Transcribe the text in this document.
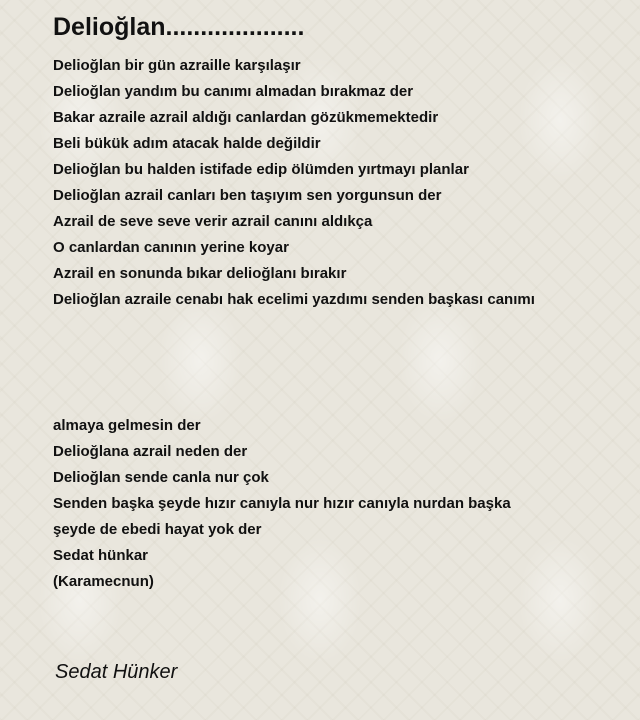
Delioğlan....................
Delioğlan bir gün azraille karşılaşır
Delioğlan yandım bu canımı almadan bırakmaz der
Bakar azraile azrail aldığı canlardan gözükmemektedir
Beli bükük adım atacak halde değildir
Delioğlan bu halden istifade edip ölümden yırtmayı planlar
Delioğlan azrail canları ben taşıyım sen yorgunsun der
Azrail de seve seve verir azrail canını aldıkça
O canlardan canının yerine koyar
Azrail en sonunda bıkar delioğlanı bırakır
Delioğlan azraile cenabı hak ecelimi yazdımı senden başkası canımı
almaya gelmesin der
Delioğlana azrail neden der
Delioğlan sende canla nur çok
Senden başka şeyde hızır canıyla nur hızır canıyla nurdan başka
şeyde de ebedi hayat yok der
Sedat hünkar
(Karamecnun)

Sedat Hünker
